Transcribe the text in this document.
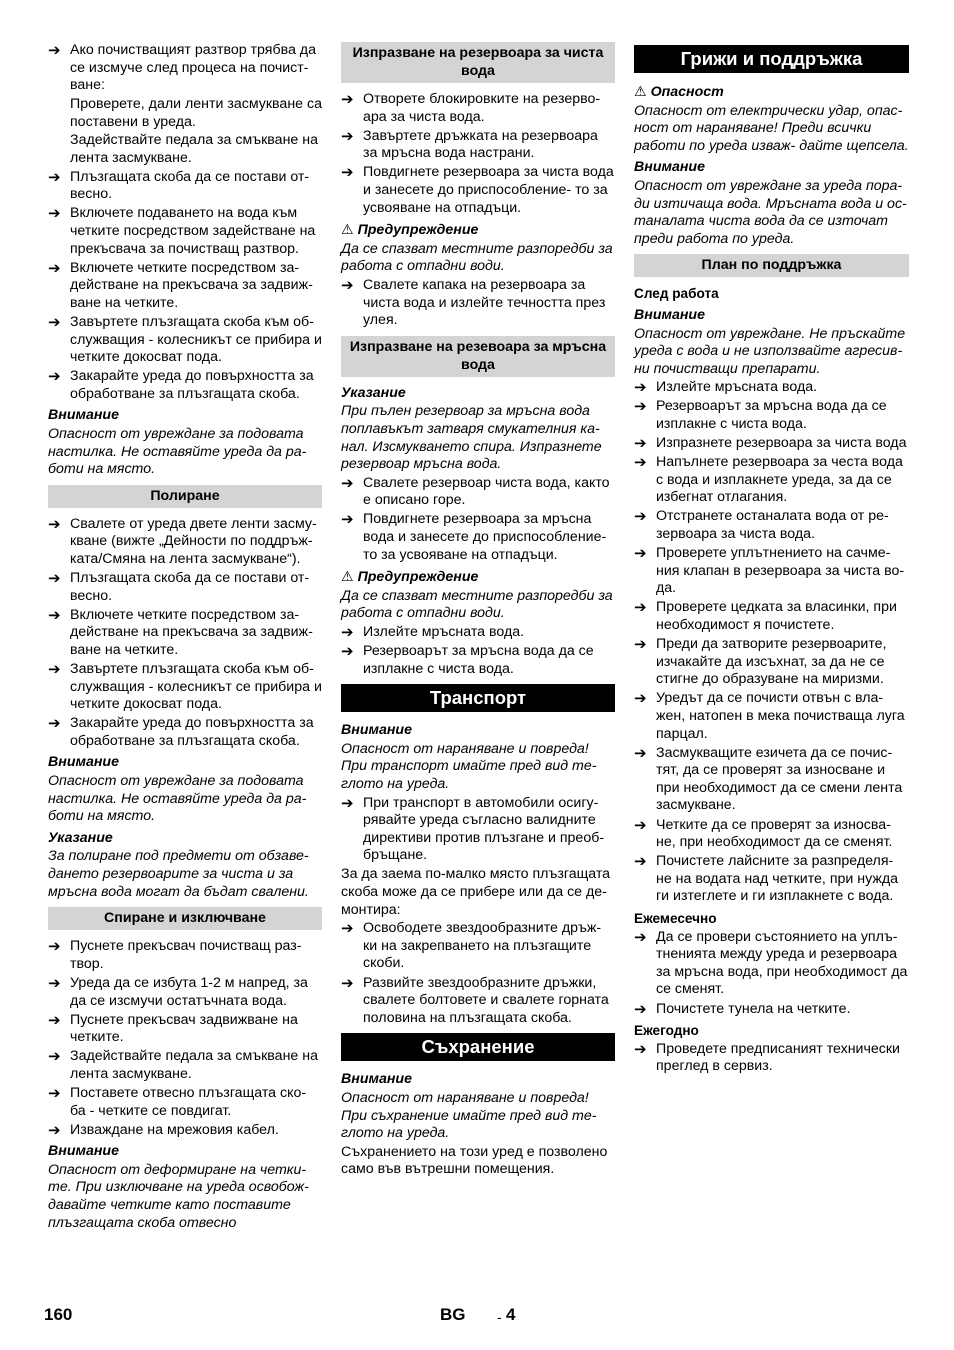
➔ Ако почистващият разтвор трябва да се изсмуче след процеса на почист- ване:
Проверете, дали ленти засмукване са поставени в уреда.
Задействайте педала за смъкване на лента засмукване.
➔ Плъзгащата скоба да се постави от- весно.
➔ Включете подаването на вода към четките посредством задействане на прекъсвача за почистващ разтвор.
➔ Включете четките посредством за- действане на прекъсвача за задвиж- ване на четките.
➔ Завъртете плъзгащата скоба към об- служващия - колесникът се прибира и четките докосват пода.
➔ Закарайте уреда до повърхността за обработване за плъзгащата скоба.
Внимание
Опасност от увреждане за подовата настилка. Не оставяйте уреда да ра- боти на място.
Полиране
➔ Свалете от уреда двете ленти засму- кване (вижте „Дейности по поддръж- ката/Смяна на лента засмукване“).
➔ Плъзгащата скоба да се постави от- весно.
➔ Включете четките посредством за- действане на прекъсвача за задвиж- ване на четките.
➔ Завъртете плъзгащата скоба към об- служващия - колесникът се прибира и четките докосват пода.
➔ Закарайте уреда до повърхността за обработване за плъзгащата скоба.
Внимание
Опасност от увреждане за подовата настилка. Не оставяйте уреда да ра- боти на място.
Указание
За полиране под предмети от обзаве- дането резервоарите за чиста и за мръсна вода могат да бъдат свалени.
Спиране и изключване
➔ Пуснете прекъсвач почистващ раз- твор.
➔ Уреда да се избута 1-2 м напред, за да се изсмучи остатъчната вода.
➔ Пуснете прекъсвач задвижване на четките.
➔ Задействайте педала за смъкване на лента засмукване.
➔ Поставете отвесно плъзгащата ско- ба - четките се повдигат.
➔ Изваждане на мрежовия кабел.
Внимание
Опасност от деформиране на четки- те. При изключване на уреда освобож- давайте четките като поставите плъзгащата скоба отвесно
Изпразване на резервоара за чиста вода
➔ Отворете блокировките на резерво- ара за чиста вода.
➔ Завъртете дръжката на резервоара за мръсна вода настрани.
➔ Повдигнете резервоара за чиста вода и занесете до приспособление- то за усвояване на отпадъци.
⚠ Предупреждение
Да се спазват местните разпоредби за работа с отпадни води.
➔ Свалете капака на резервоара за чиста вода и излейте течността през улея.
Изпразване на резевоара за мръсна вода
Указание
При пълен резервоар за мръсна вода поплавъкът затваря смукателния ка- нал. Изсмукването спира. Изпразнете резервоар мръсна вода.
➔ Свалете резервоар чиста вода, както е описано горе.
➔ Повдигнете резервоара за мръсна вода и занесете до приспособление- то за усвояване на отпадъци.
⚠ Предупреждение
Да се спазват местните разпоредби за работа с отпадни води.
➔ Излейте мръсната вода.
➔ Резервоарът за мръсна вода да се изплакне с чиста вода.
Транспорт
Внимание
Опасност от нараняване и повреда! При транспорт имайте пред вид те- глото на уреда.
➔ При транспорт в автомобили осигу- рявайте уреда съгласно валидните директиви против плъзгане и преоб- бръщане.
За да заема по-малко място плъзгащата скоба може да се прибере или да се де- монтира:
➔ Освободете звездообразните дръж- ки на закрепването на плъзгащите скоби.
➔ Развийте звездообразните дръжки, свалете болтовете и свалете горната половина на плъзгащата скоба.
Съхранение
Внимание
Опасност от нараняване и повреда! При съхранение имайте пред вид те- глото на уреда.
Съхранението на този уред е позволено само във вътрешни помещения.
Грижи и поддръжка
⚠ Опасност
Опасност от електрически удар, опас- ност от нараняване! Преди всички работи по уреда изваж- дайте щепсела.
Внимание
Опасност от увреждане за уреда пора- ди изтичаща вода. Мръсната вода и ос- таналата чиста вода да се източат преди работа по уреда.
План по поддръжка
След работа
Внимание
Опасност от увреждане. Не пръскайте уреда с вода и не използвайте агресив- ни почистващи препарати.
➔ Излейте мръсната вода.
➔ Резервоарът за мръсна вода да се изплакне с чиста вода.
➔ Изпразнете резервоара за чиста вода
➔ Напълнете резервоара за честа вода с вода и изплакнете уреда, за да се избегнат отлагания.
➔ Отстранете останалата вода от ре- зервоара за чиста вода.
➔ Проверете уплътнението на сачме- ния клапан в резервоара за чиста во- да.
➔ Проверете цедката за власинки, при необходимост я почистете.
➔ Преди да затворите резервоарите, изчакайте да изсъхнат, за да не се стигне до образуване на миризми.
➔ Уредът да се почисти отвън с вла- жен, натопен в мека почистваща луга парцал.
➔ Засмукващите езичета да се почис- тят, да се проверят за износване и при необходимост да се смени лента засмукване.
➔ Четките да се проверят за износва- не, при необходимост да се сменят.
➔ Почистете лайсните за разпределя- не на водата над четките, при нужда ги изтеглете и ги изплакнете с вода.
Ежемесечно
➔ Да се провери състоянието на уплъ- тненията между уреда и резервоара за мръсна вода, при необходимост да се сменят.
➔ Почистете тунела на четките.
Ежегодно
➔ Проведете предписаният технически преглед в сервиз.
160	BG - 4
